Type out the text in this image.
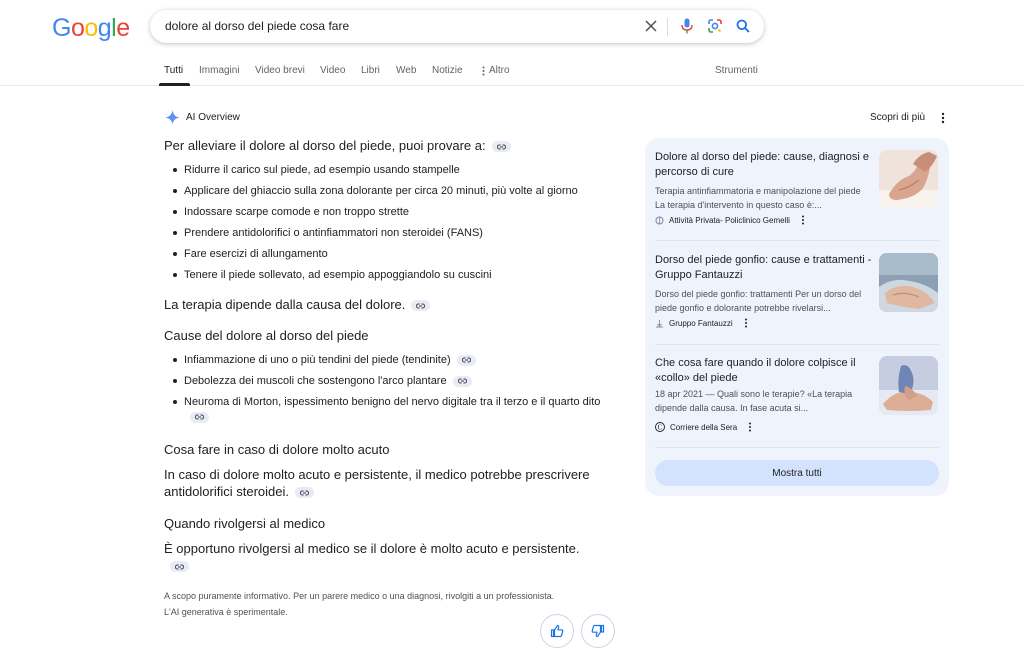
Google	dolore al dorso del piede cosa fare
Tutti Immagini Video brevi Video Libri Web Notizie	Altro	Strumenti
AI Overview	Scopri di più
Per alleviare il dolore al dorso del piede, puoi provare a:
Ridurre il carico sul piede, ad esempio usando stampelle
Applicare del ghiaccio sulla zona dolorante per circa 20 minuti, più volte al giorno
Indossare scarpe comode e non troppo strette
Prendere antidolorifici o antinfiammatori non steroidei (FANS)
Fare esercizi di allungamento
Tenere il piede sollevato, ad esempio appoggiandolo su cuscini
La terapia dipende dalla causa del dolore.
Cause del dolore al dorso del piede
Infiammazione di uno o più tendini del piede (tendinite)
Debolezza dei muscoli che sostengono l'arco plantare
Neuroma di Morton, ispessimento benigno del nervo digitale tra il terzo e il quarto dito
Cosa fare in caso di dolore molto acuto
In caso di dolore molto acuto e persistente, il medico potrebbe prescrivere antidolorifici steroidei.
Quando rivolgersi al medico
È opportuno rivolgersi al medico se il dolore è molto acuto e persistente.
A scopo puramente informativo. Per un parere medico o una diagnosi, rivolgiti a un professionista.
L'AI generativa è sperimentale.
Dolore al dorso del piede: cause, diagnosi e percorso di cure
Terapia antinfiammatoria e manipolazione del piede La terapia d'intervento in questo caso è:...
Attività Privata- Policlinico Gemelli
Dorso del piede gonfio: cause e trattamenti - Gruppo Fantauzzi
Dorso del piede gonfio: trattamenti Per un dorso del piede gonfio e dolorante potrebbe rivelarsi...
Gruppo Fantauzzi
Che cosa fare quando il dolore colpisce il «collo» del piede
18 apr 2021 — Quali sono le terapie? «La terapia dipende dalla causa. In fase acuta si...
C Corriere della Sera
Mostra tutti
